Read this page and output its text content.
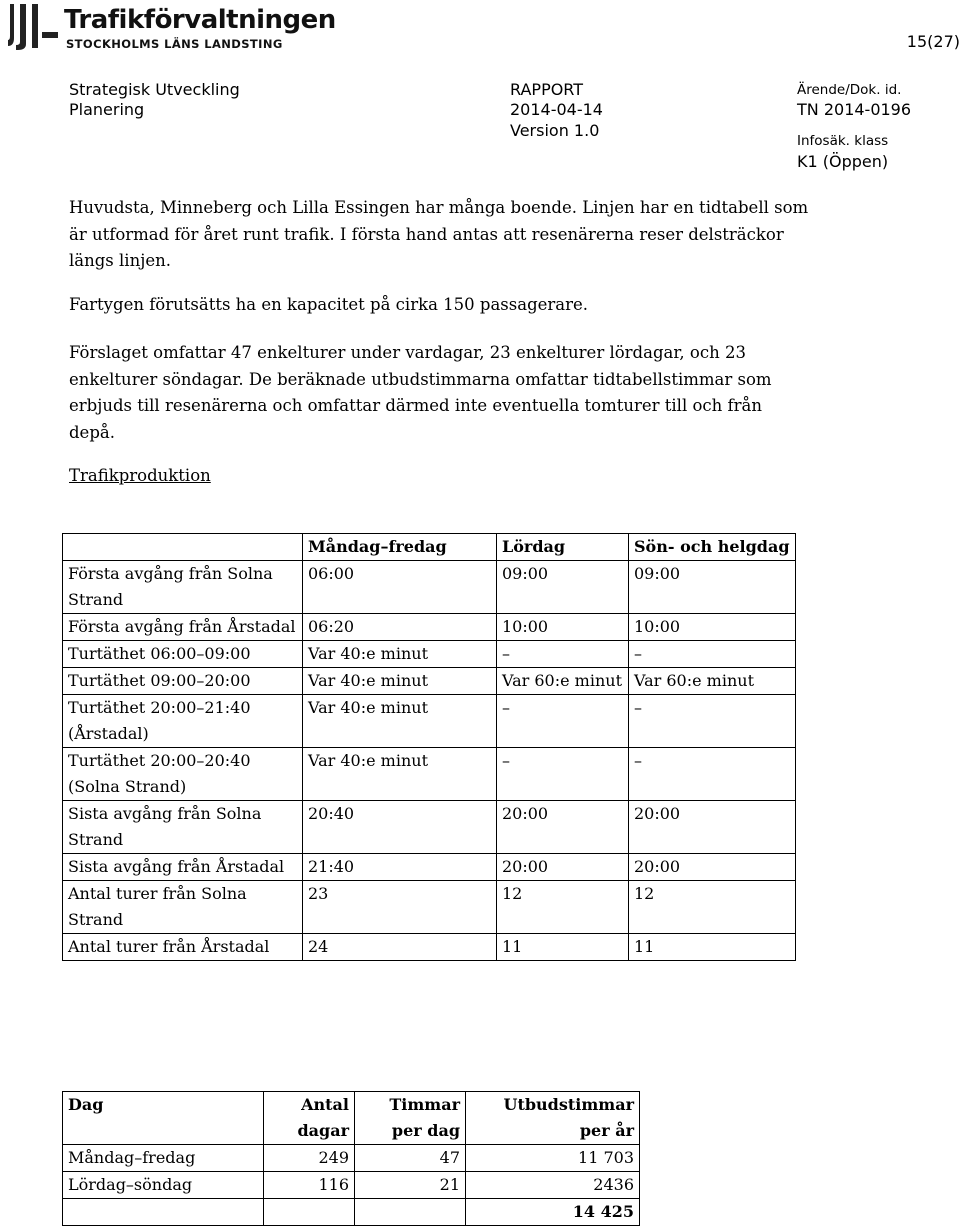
Trafikförvaltningen
STOCKHOLMS LÄNS LANDSTING	15(27)
Strategisk Utveckling
Planering
RAPPORT
2014-04-14
Version 1.0
Ärende/Dok. id.
TN 2014-0196
Infosäk. klass
K1 (Öppen)
Huvudsta, Minneberg och Lilla Essingen har många boende. Linjen har en tidtabell som är utformad för året runt trafik. I första hand antas att resenärerna reser delsträckor längs linjen.
Fartygen förutsätts ha en kapacitet på cirka 150 passagerare.
Förslaget omfattar 47 enkelturer under vardagar, 23 enkelturer lördagar, och 23 enkelturer söndagar. De beräknade utbudstimmarna omfattar tidtabellstimmar som erbjuds till resenärerna och omfattar därmed inte eventuella tomturer till och från depå.
Trafikproduktion
	Måndag–fredag	Lördag	Sön- och helgdag
Första avgång från Solna Strand	06:00	09:00	09:00
Första avgång från Årstadal	06:20	10:00	10:00
Turtäthet 06:00–09:00	Var 40:e minut	–	–
Turtäthet 09:00–20:00	Var 40:e minut	Var 60:e minut	Var 60:e minut
Turtäthet 20:00–21:40 (Årstadal)	Var 40:e minut	–	–
Turtäthet 20:00–20:40 (Solna Strand)	Var 40:e minut	–	–
Sista avgång från Solna Strand	20:40	20:00	20:00
Sista avgång från Årstadal	21:40	20:00	20:00
Antal turer från Solna Strand	23	12	12
Antal turer från Årstadal	24	11	11
Dag	Antal dagar	Timmar per dag	Utbudstimmar per år
Måndag–fredag	249	47	11 703
Lördag–söndag	116	21	2436
			14 425
